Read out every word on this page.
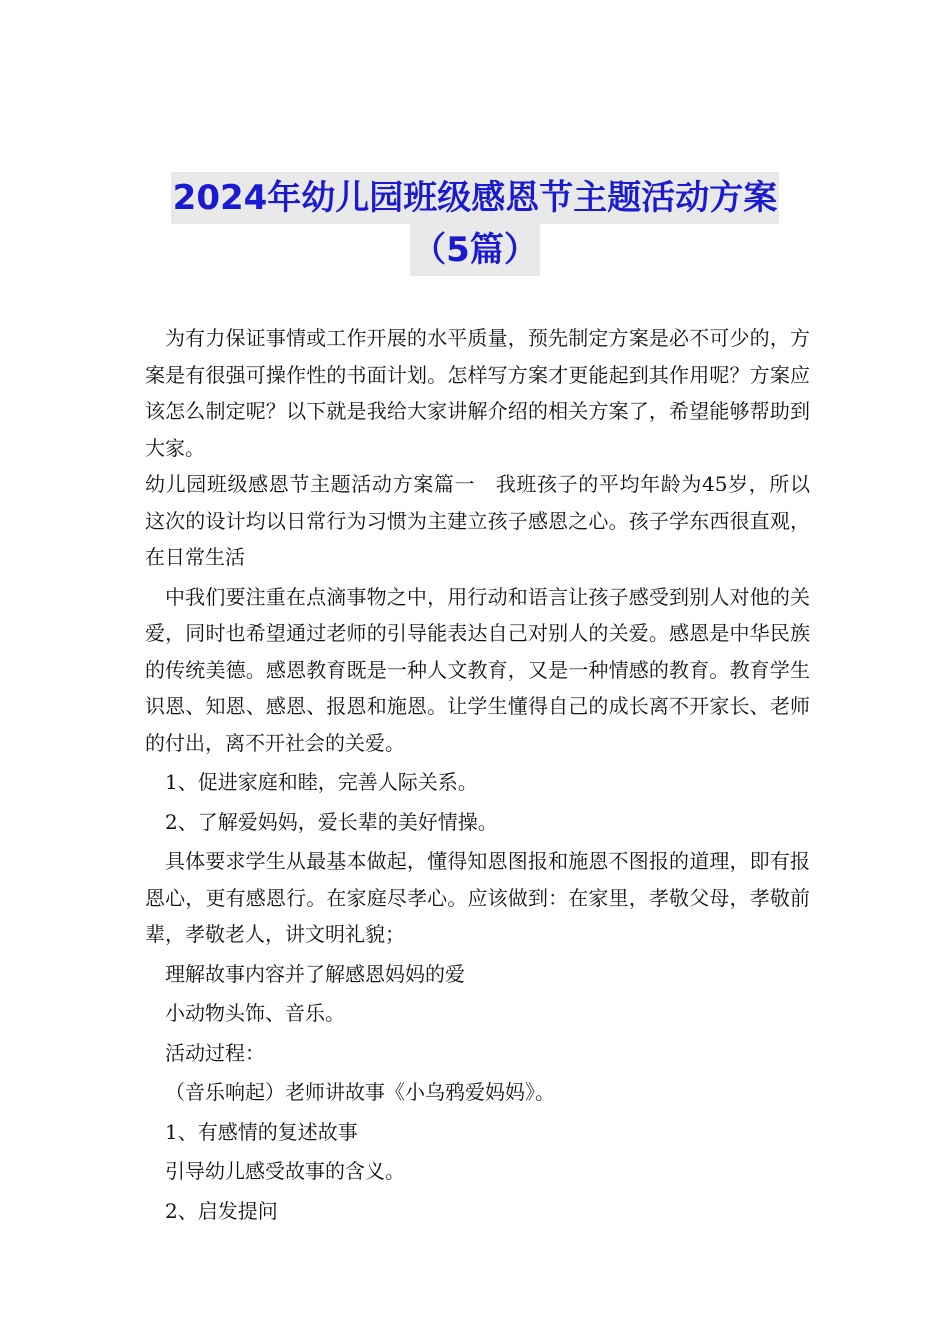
2024年幼儿园班级感恩节主题活动方案
（5篇）

为有力保证事情或工作开展的水平质量，预先制定方案是必不可少的，方案是有很强可操作性的书面计划。怎样写方案才更能起到其作用呢？方案应该怎么制定呢？以下就是我给大家讲解介绍的相关方案了，希望能够帮助到大家。

幼儿园班级感恩节主题活动方案篇一　我班孩子的平均年龄为45岁，所以这次的设计均以日常行为习惯为主建立孩子感恩之心。孩子学东西很直观，在日常生活

中我们要注重在点滴事物之中，用行动和语言让孩子感受到别人对他的关爱，同时也希望通过老师的引导能表达自己对别人的关爱。感恩是中华民族的传统美德。感恩教育既是一种人文教育，又是一种情感的教育。教育学生识恩、知恩、感恩、报恩和施恩。让学生懂得自己的成长离不开家长、老师的付出，离不开社会的关爱。

1、促进家庭和睦，完善人际关系。

2、了解爱妈妈，爱长辈的美好情操。

具体要求学生从最基本做起，懂得知恩图报和施恩不图报的道理，即有报恩心，更有感恩行。在家庭尽孝心。应该做到：在家里，孝敬父母，孝敬前辈，孝敬老人，讲文明礼貌；

理解故事内容并了解感恩妈妈的爱

小动物头饰、音乐。

活动过程：

（音乐响起）老师讲故事《小乌鸦爱妈妈》。

1、有感情的复述故事

引导幼儿感受故事的含义。

2、启发提问
